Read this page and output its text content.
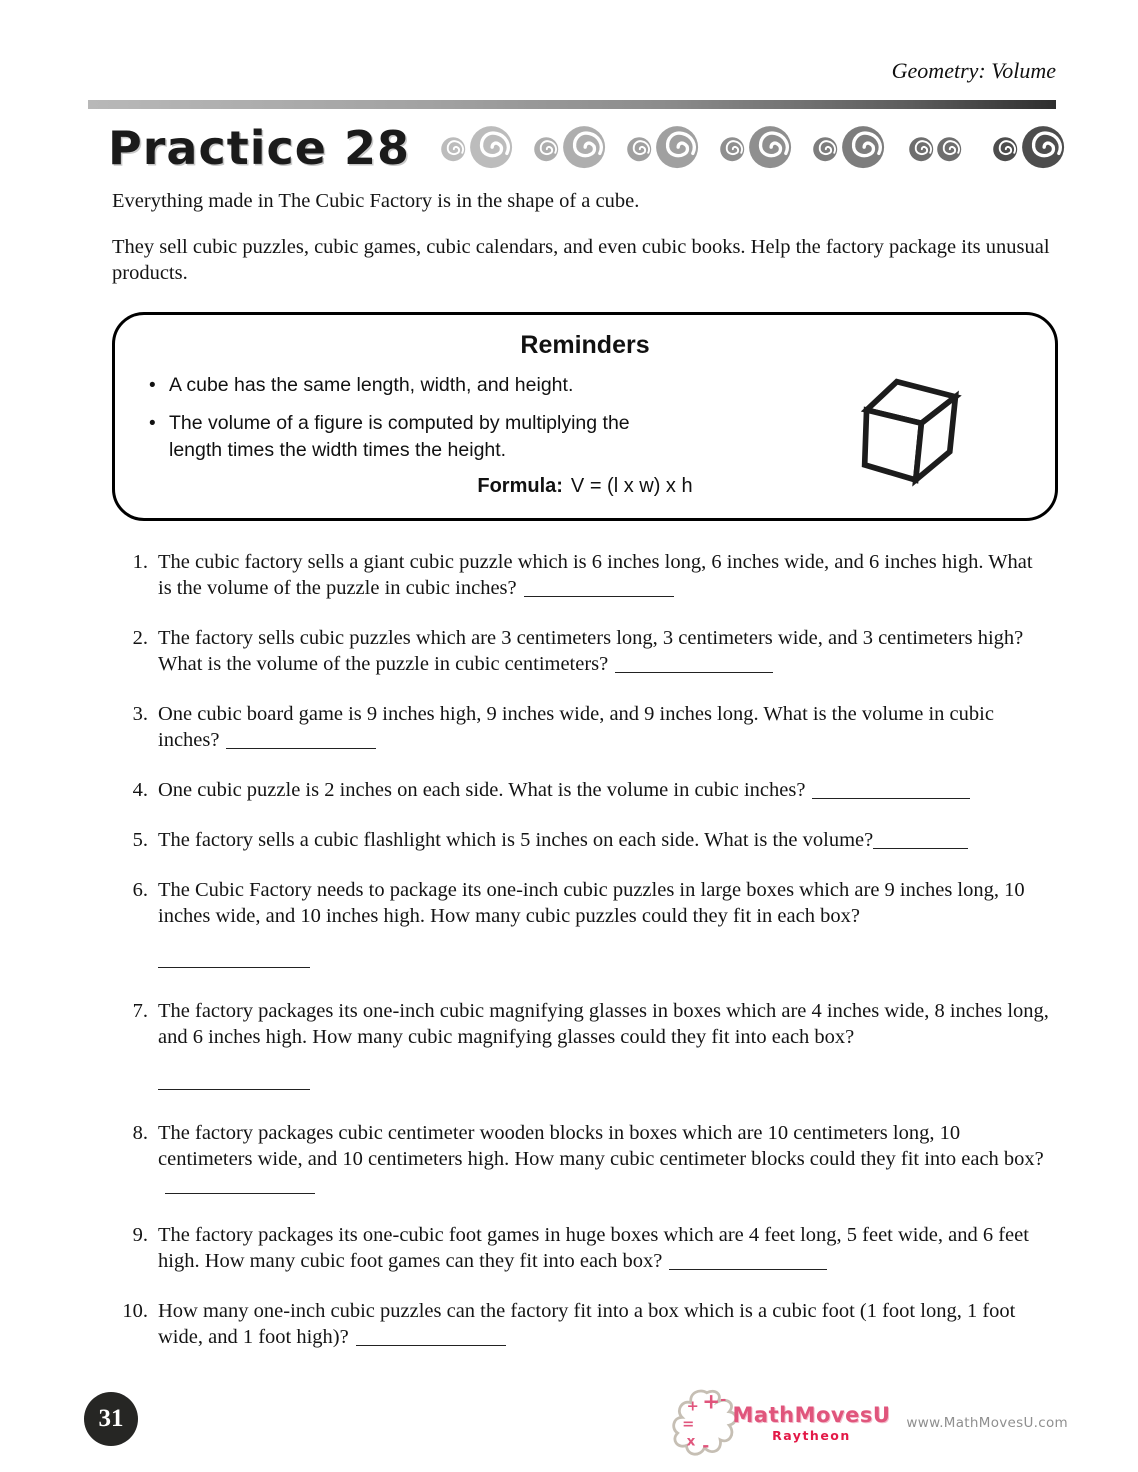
Geometry: Volume
Practice 28

Everything made in The Cubic Factory is in the shape of a cube.

They sell cubic puzzles, cubic games, cubic calendars, and even cubic books. Help the factory package its unusual products.

Reminders
• A cube has the same length, width, and height.
• The volume of a figure is computed by multiplying the length times the width times the height.

Formula: V = (l x w) x h

1. The cubic factory sells a giant cubic puzzle which is 6 inches long, 6 inches wide, and 6 inches high. What is the volume of the puzzle in cubic inches?
2. The factory sells cubic puzzles which are 3 centimeters long, 3 centimeters wide, and 3 centimeters high? What is the volume of the puzzle in cubic centimeters?
3. One cubic board game is 9 inches high, 9 inches wide, and 9 inches long. What is the volume in cubic inches?
4. One cubic puzzle is 2 inches on each side. What is the volume in cubic inches?
5. The factory sells a cubic flashlight which is 5 inches on each side. What is the volume?
6. The Cubic Factory needs to package its one-inch cubic puzzles in large boxes which are 9 inches long, 10 inches wide, and 10 inches high. How many cubic puzzles could they fit in each box?
7. The factory packages its one-inch cubic magnifying glasses in boxes which are 4 inches wide, 8 inches long, and 6 inches high. How many cubic magnifying glasses could they fit into each box?
8. The factory packages cubic centimeter wooden blocks in boxes which are 10 centimeters long, 10 centimeters wide, and 10 centimeters high. How many cubic centimeter blocks could they fit into each box?
9. The factory packages its one-cubic foot games in huge boxes which are 4 feet long, 5 feet wide, and 6 feet high. How many cubic foot games can they fit into each box?
10. How many one-inch cubic puzzles can the factory fit into a box which is a cubic foot (1 foot long, 1 foot wide, and 1 foot high)?
31	+ + -
=
x -
MathMovesU
Raytheon
www.MathMovesU.com
